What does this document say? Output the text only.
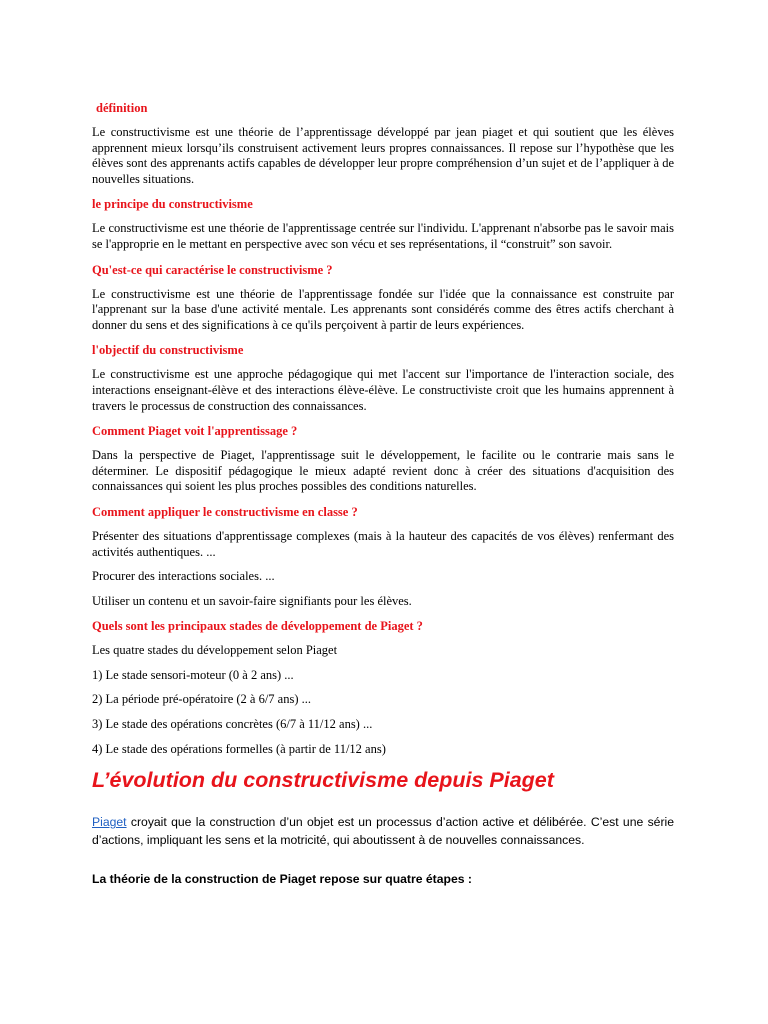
définition
Le constructivisme est une théorie de l’apprentissage développé par jean piaget et qui soutient que les élèves apprennent mieux lorsqu’ils construisent activement leurs propres connaissances. Il repose sur l’hypothèse que les élèves sont des apprenants actifs capables de développer leur propre compréhension d’un sujet et de l’appliquer à de nouvelles situations.
le principe du constructivisme
Le constructivisme est une théorie de l'apprentissage centrée sur l'individu. L'apprenant n'absorbe pas le savoir mais se l'approprie en le mettant en perspective avec son vécu et ses représentations, il “construit” son savoir.
Qu'est-ce qui caractérise le constructivisme ?
Le constructivisme est une théorie de l'apprentissage fondée sur l'idée que la connaissance est construite par l'apprenant sur la base d'une activité mentale. Les apprenants sont considérés comme des êtres actifs cherchant à donner du sens et des significations à ce qu'ils perçoivent à partir de leurs expériences.
l'objectif du constructivisme
Le constructivisme est une approche pédagogique qui met l'accent sur l'importance de l'interaction sociale, des interactions enseignant-élève et des interactions élève-élève. Le constructiviste croit que les humains apprennent à travers le processus de construction des connaissances.
Comment Piaget voit l'apprentissage ?
Dans la perspective de Piaget, l'apprentissage suit le développement, le facilite ou le contrarie mais sans le déterminer. Le dispositif pédagogique le mieux adapté revient donc à créer des situations d'acquisition des connaissances qui soient les plus proches possibles des conditions naturelles.
Comment appliquer le constructivisme en classe ?
Présenter des situations d'apprentissage complexes (mais à la hauteur des capacités de vos élèves) renfermant des activités authentiques. ...
Procurer des interactions sociales. ...
Utiliser un contenu et un savoir-faire signifiants pour les élèves.
Quels sont les principaux stades de développement de Piaget ?
Les quatre stades du développement selon Piaget
1) Le stade sensori-moteur (0 à 2 ans) ...
2) La période pré-opératoire (2 à 6/7 ans) ...
3) Le stade des opérations concrètes (6/7 à 11/12 ans) ...
4) Le stade des opérations formelles (à partir de 11/12 ans)
L’évolution du constructivisme depuis Piaget
Piaget croyait que la construction d’un objet est un processus d’action active et délibérée. C’est une série d’actions, impliquant les sens et la motricité, qui aboutissent à de nouvelles connaissances.
La théorie de la construction de Piaget repose sur quatre étapes :
